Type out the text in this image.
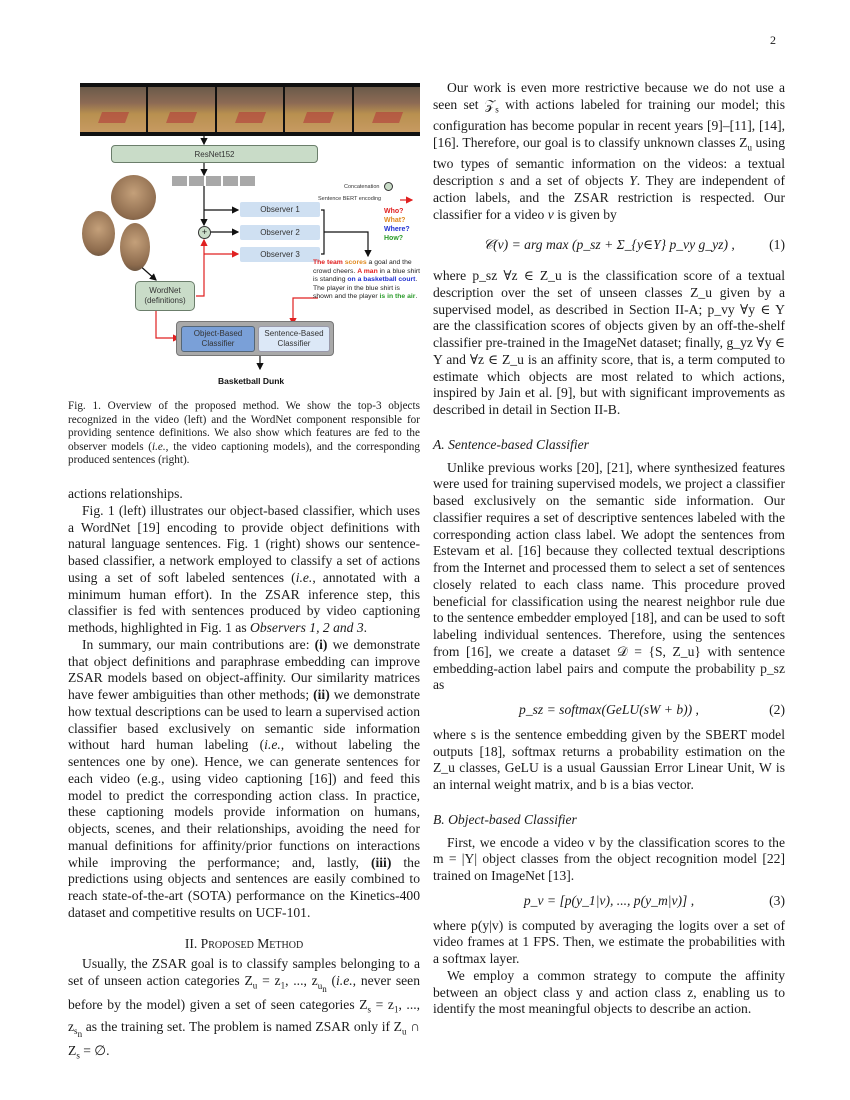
2
ResNet152
+
Observer 1
Observer 2
Observer 3
WordNet
(definitions)
Object-Based
Classifier
Sentence-Based
Classifier
Basketball Dunk
Concatenation
Sentence BERT encoding
Who?
What?
Where?
How?
The team scores a goal and the crowd cheers. A man in a blue shirt is standing on a basketball court. The player in the blue shirt is shown and the player is in the air.
Fig. 1. Overview of the proposed method. We show the top-3 objects recognized in the video (left) and the WordNet component responsible for providing sentence definitions. We also show which features are fed to the observer models (i.e., the video captioning models), and the corresponding produced sentences (right).

actions relationships.

Fig. 1 (left) illustrates our object-based classifier, which uses a WordNet [19] encoding to provide object definitions with natural language sentences. Fig. 1 (right) shows our sentence-based classifier, a network employed to classify a set of actions using a set of soft labeled sentences (i.e., annotated with a minimum human effort). In the ZSAR inference step, this classifier is fed with sentences produced by video captioning methods, highlighted in Fig. 1 as Observers 1, 2 and 3.

In summary, our main contributions are: (i) we demonstrate that object definitions and paraphrase embedding can improve ZSAR models based on object-affinity. Our similarity matrices have fewer ambiguities than other methods; (ii) we demonstrate how textual descriptions can be used to learn a supervised action classifier based exclusively on semantic side information without hard human labeling (i.e., without labeling the sentences one by one). Hence, we can generate sentences for each video (e.g., using video captioning [16]) and feed this model to predict the corresponding action class. In practice, these captioning models provide information on humans, objects, scenes, and their relationships, avoiding the need for manual definitions for affinity/prior functions on interactions while improving the performance; and, lastly, (iii) the predictions using objects and sentences are easily combined to reach state-of-the-art (SOTA) performance on the Kinetics-400 dataset and competitive results on UCF-101.

II. Proposed Method

Usually, the ZSAR goal is to classify samples belonging to a set of unseen action categories $Z_u = z_1$, ..., $z_{u_n}$ (i.e., never seen before by the model) given a set of seen categories $Z_s = z_1$, ..., $z_{s_n}$ as the training set. The problem is named ZSAR only if $Z_u$ ∩ $Z_s$ = ∅.

Our work is even more restrictive because we do not use a seen set 𝒵$_s$ with actions labeled for training our model; this configuration has become popular in recent years [9]–[11], [14], [16]. Therefore, our goal is to classify unknown classes $Z_u$ using two types of semantic information on the videos: a textual description s and a set of objects Y. They are independent of action labels, and the ZSAR restriction is respected. Our classifier for a video v is given by

𝒞(v) = arg max (p_sz + Σ_{y∈Y} p_vy g_yz) ,	(1)

where p_sz ∀z ∈ Z_u is the classification score of a textual description over the set of unseen classes Z_u given by a supervised model, as described in Section II-A; p_vy ∀y ∈ Y are the classification scores of objects given by an off-the-shelf classifier pre-trained in the ImageNet dataset; finally, g_yz ∀y ∈ Y and ∀z ∈ Z_u is an affinity score, that is, a term computed to estimate which objects are most related to which actions, inspired by Jain et al. [9], but with significant improvements as described in detail in Section II-B.

A. Sentence-based Classifier

Unlike previous works [20], [21], where synthesized features were used for training supervised models, we project a classifier based exclusively on the semantic side information. Our classifier requires a set of descriptive sentences labeled with the corresponding action class label. We adopt the sentences from Estevam et al. [16] because they collected textual descriptions from the Internet and processed them to select a set of sentences closely related to each class name. This procedure proved beneficial for classification using the nearest neighbor rule due to the sentence embedder employed [18], and can be used to soft labeling individual sentences. Therefore, using the sentences from [16], we create a dataset 𝒟 = {S, Z_u} with sentence embedding-action label pairs and compute the probability p_sz as

p_sz = softmax(GeLU(sW + b)) ,	(2)

where s is the sentence embedding given by the SBERT model outputs [18], softmax returns a probability estimation on the Z_u classes, GeLU is a usual Gaussian Error Linear Unit, W is an internal weight matrix, and b is a bias vector.

B. Object-based Classifier

First, we encode a video v by the classification scores to the m = |Y| object classes from the object recognition model [22] trained on ImageNet [13].

p_v = [p(y_1|v), ..., p(y_m|v)] ,	(3)

where p(y|v) is computed by averaging the logits over a set of video frames at 1 FPS. Then, we estimate the probabilities with a softmax layer.

We employ a common strategy to compute the affinity between an object class y and action class z, enabling us to identify the most meaningful objects to describe an action.
